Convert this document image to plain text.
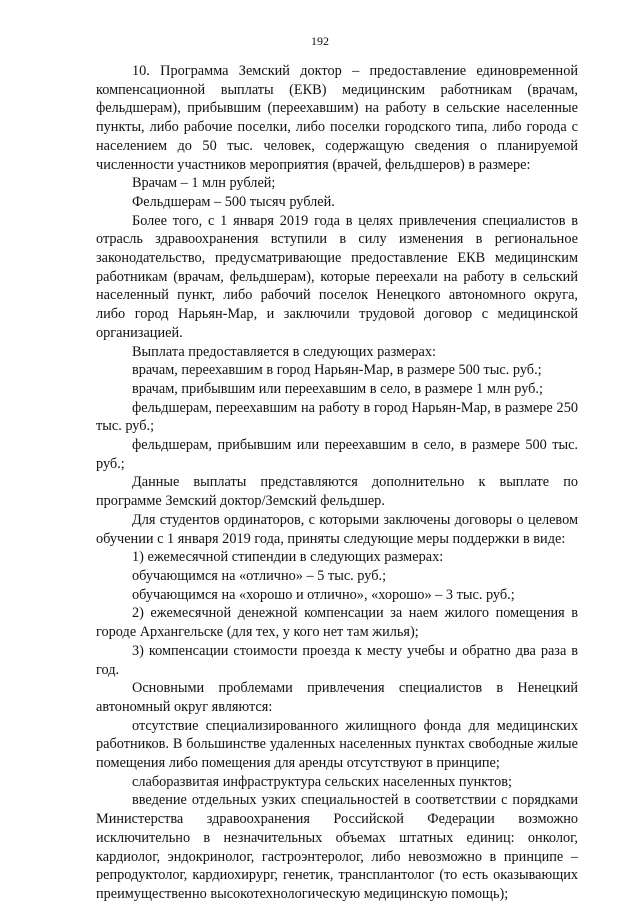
192

10. Программа Земский доктор – предоставление единовременной компенсационной выплаты (ЕКВ) медицинским работникам (врачам, фельдшерам), прибывшим (переехавшим) на работу в сельские населенные пункты, либо рабочие поселки, либо поселки городского типа, либо города с населением до 50 тыс. человек, содержащую сведения о планируемой численности участников мероприятия (врачей, фельдшеров) в размере:

Врачам – 1 млн рублей;

Фельдшерам – 500 тысяч рублей.

Более того, с 1 января 2019 года в целях привлечения специалистов в отрасль здравоохранения вступили в силу изменения в региональное законодательство, предусматривающие предоставление ЕКВ медицинским работникам (врачам, фельдшерам), которые переехали на работу в сельский населенный пункт, либо рабочий поселок Ненецкого автономного округа, либо город Нарьян-Мар, и заключили трудовой договор с медицинской организацией.

Выплата предоставляется в следующих размерах:

врачам, переехавшим в город Нарьян-Мар, в размере 500 тыс. руб.;

врачам, прибывшим или переехавшим в село, в размере 1 млн руб.;

фельдшерам, переехавшим на работу в город Нарьян-Мар, в размере 250 тыс. руб.;

фельдшерам, прибывшим или переехавшим в село, в размере 500 тыс. руб.;

Данные выплаты представляются дополнительно к выплате по программе Земский доктор/Земский фельдшер.

Для студентов ординаторов, с которыми заключены договоры о целевом обучении с 1 января 2019 года, приняты следующие меры поддержки в виде:

1) ежемесячной стипендии в следующих размерах:

обучающимся на «отлично» – 5 тыс. руб.;

обучающимся на «хорошо и отлично», «хорошо» – 3 тыс. руб.;

2) ежемесячной денежной компенсации за наем жилого помещения в городе Архангельске (для тех, у кого нет там жилья);

3) компенсации стоимости проезда к месту учебы и обратно два раза в год.

Основными проблемами привлечения специалистов в Ненецкий автономный округ являются:

отсутствие специализированного жилищного фонда для медицинских работников. В большинстве удаленных населенных пунктах свободные жилые помещения либо помещения для аренды отсутствуют в принципе;

слаборазвитая инфраструктура сельских населенных пунктов;

введение отдельных узких специальностей в соответствии с порядками Министерства здравоохранения Российской Федерации возможно исключительно в незначительных объемах штатных единиц: онколог, кардиолог, эндокринолог, гастроэнтеролог, либо невозможно в принципе – репродуктолог, кардиохирург, генетик, трансплантолог (то есть оказывающих преимущественно высокотехнологическую медицинскую помощь);
